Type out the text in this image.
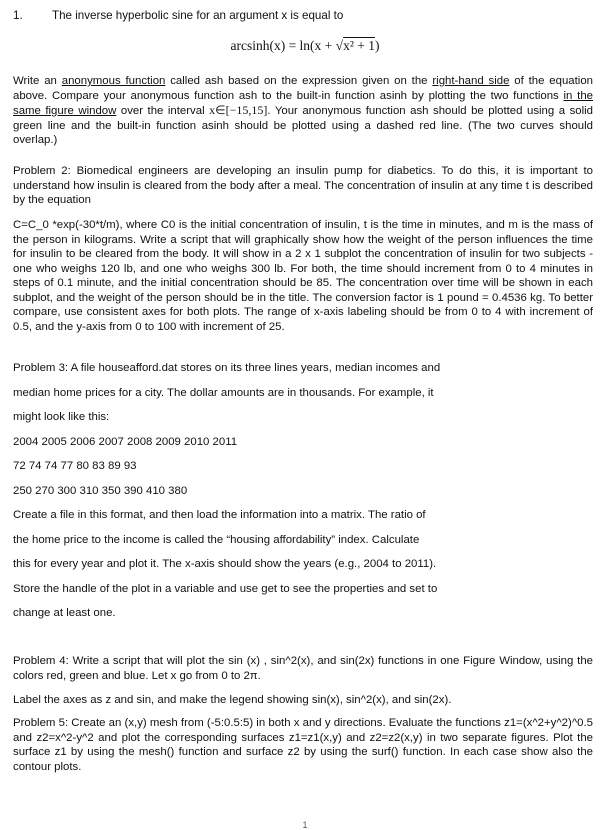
1.	The inverse hyperbolic sine for an argument x is equal to
arcsinh(x) = ln(x + √x² + 1)
Write an anonymous function called ash based on the expression given on the right-hand side of the equation above. Compare your anonymous function ash to the built-in function asinh by plotting the two functions in the same figure window over the interval x∈[−15,15]. Your anonymous function ash should be plotted using a solid green line and the built-in function asinh should be plotted using a dashed red line. (The two curves should overlap.)
Problem 2: Biomedical engineers are developing an insulin pump for diabetics. To do this, it is important to understand how insulin is cleared from the body after a meal. The concentration of insulin at any time t is described by the equation
C=C_0 *exp(-30*t/m), where C0 is the initial concentration of insulin, t is the time in minutes, and m is the mass of the person in kilograms. Write a script that will graphically show how the weight of the person influences the time for insulin to be cleared from the body. It will show in a 2 x 1 subplot the concentration of insulin for two subjects - one who weighs 120 lb, and one who weighs 300 lb. For both, the time should increment from 0 to 4 minutes in steps of 0.1 minute, and the initial concentration should be 85. The concentration over time will be shown in each subplot, and the weight of the person should be in the title. The conversion factor is 1 pound = 0.4536 kg. To better compare, use consistent axes for both plots. The range of x-axis labeling should be from 0 to 4 with increment of 0.5, and the y-axis from 0 to 100 with increment of 25.
Problem 3: A file houseafford.dat stores on its three lines years, median incomes and
median home prices for a city. The dollar amounts are in thousands. For example, it
might look like this:
2004 2005 2006 2007 2008 2009 2010 2011
72 74 74 77 80 83 89 93
250 270 300 310 350 390 410 380
Create a file in this format, and then load the information into a matrix. The ratio of
the home price to the income is called the “housing affordability” index. Calculate
this for every year and plot it. The x-axis should show the years (e.g., 2004 to 2011).
Store the handle of the plot in a variable and use get to see the properties and set to
change at least one.
Problem 4: Write a script that will plot the sin (x) , sin^2(x), and sin(2x) functions in one Figure Window, using the colors red, green and blue. Let x go from 0 to 2π.
Label the axes as z and sin, and make the legend showing sin(x), sin^2(x), and sin(2x).
Problem 5: Create an (x,y) mesh from (-5:0.5:5) in both x and y directions. Evaluate the functions z1=(x^2+y^2)^0.5 and z2=x^2-y^2 and plot the corresponding surfaces z1=z1(x,y) and z2=z2(x,y) in two separate figures. Plot the surface z1 by using the mesh() function and surface z2 by using the surf() function. In each case show also the contour plots.
1
